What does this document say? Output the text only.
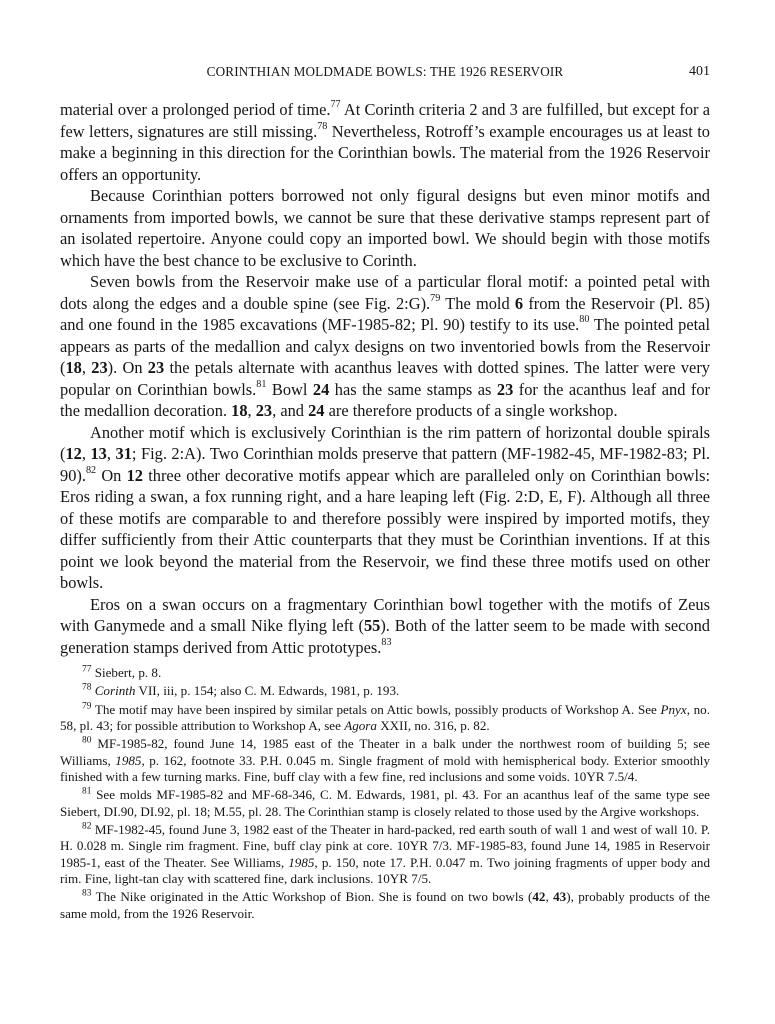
CORINTHIAN MOLDMADE BOWLS: THE 1926 RESERVOIR	401

material over a prolonged period of time.$^{77}$ At Corinth criteria 2 and 3 are fulfilled, but except for a few letters, signatures are still missing.$^{78}$ Nevertheless, Rotroff’s example encourages us at least to make a beginning in this direction for the Corinthian bowls. The material from the 1926 Reservoir offers an opportunity.

Because Corinthian potters borrowed not only figural designs but even minor motifs and ornaments from imported bowls, we cannot be sure that these derivative stamps represent part of an isolated repertoire. Anyone could copy an imported bowl. We should begin with those motifs which have the best chance to be exclusive to Corinth.

Seven bowls from the Reservoir make use of a particular floral motif: a pointed petal with dots along the edges and a double spine (see Fig. 2:G).$^{79}$ The mold 6 from the Reservoir (Pl. 85) and one found in the 1985 excavations (MF-1985-82; Pl. 90) testify to its use.$^{80}$ The pointed petal appears as parts of the medallion and calyx designs on two inventoried bowls from the Reservoir (18, 23). On 23 the petals alternate with acanthus leaves with dotted spines. The latter were very popular on Corinthian bowls.$^{81}$ Bowl 24 has the same stamps as 23 for the acanthus leaf and for the medallion decoration. 18, 23, and 24 are therefore products of a single workshop.

Another motif which is exclusively Corinthian is the rim pattern of horizontal double spirals (12, 13, 31; Fig. 2:A). Two Corinthian molds preserve that pattern (MF-1982-45, MF-1982-83; Pl. 90).$^{82}$ On 12 three other decorative motifs appear which are paralleled only on Corinthian bowls: Eros riding a swan, a fox running right, and a hare leaping left (Fig. 2:D, E, F). Although all three of these motifs are comparable to and therefore possibly were inspired by imported motifs, they differ sufficiently from their Attic counterparts that they must be Corinthian inventions. If at this point we look beyond the material from the Reservoir, we find these three motifs used on other bowls.

Eros on a swan occurs on a fragmentary Corinthian bowl together with the motifs of Zeus with Ganymede and a small Nike flying left (55). Both of the latter seem to be made with second generation stamps derived from Attic prototypes.$^{83}$

$^{77}$ Siebert, p. 8.

$^{78}$ Corinth VII, iii, p. 154; also C. M. Edwards, 1981, p. 193.

$^{79}$ The motif may have been inspired by similar petals on Attic bowls, possibly products of Workshop A. See Pnyx, no. 58, pl. 43; for possible attribution to Workshop A, see Agora XXII, no. 316, p. 82.

$^{80}$ MF-1985-82, found June 14, 1985 east of the Theater in a balk under the northwest room of building 5; see Williams, 1985, p. 162, footnote 33. P.H. 0.045 m. Single fragment of mold with hemispherical body. Exterior smoothly finished with a few turning marks. Fine, buff clay with a few fine, red inclusions and some voids. 10YR 7.5/4.

$^{81}$ See molds MF-1985-82 and MF-68-346, C. M. Edwards, 1981, pl. 43. For an acanthus leaf of the same type see Siebert, DI.90, DI.92, pl. 18; M.55, pl. 28. The Corinthian stamp is closely related to those used by the Argive workshops.

$^{82}$ MF-1982-45, found June 3, 1982 east of the Theater in hard-packed, red earth south of wall 1 and west of wall 10. P. H. 0.028 m. Single rim fragment. Fine, buff clay pink at core. 10YR 7/3. MF-1985-83, found June 14, 1985 in Reservoir 1985-1, east of the Theater. See Williams, 1985, p. 150, note 17. P.H. 0.047 m. Two joining fragments of upper body and rim. Fine, light-tan clay with scattered fine, dark inclusions. 10YR 7/5.

$^{83}$ The Nike originated in the Attic Workshop of Bion. She is found on two bowls (42, 43), probably products of the same mold, from the 1926 Reservoir.
